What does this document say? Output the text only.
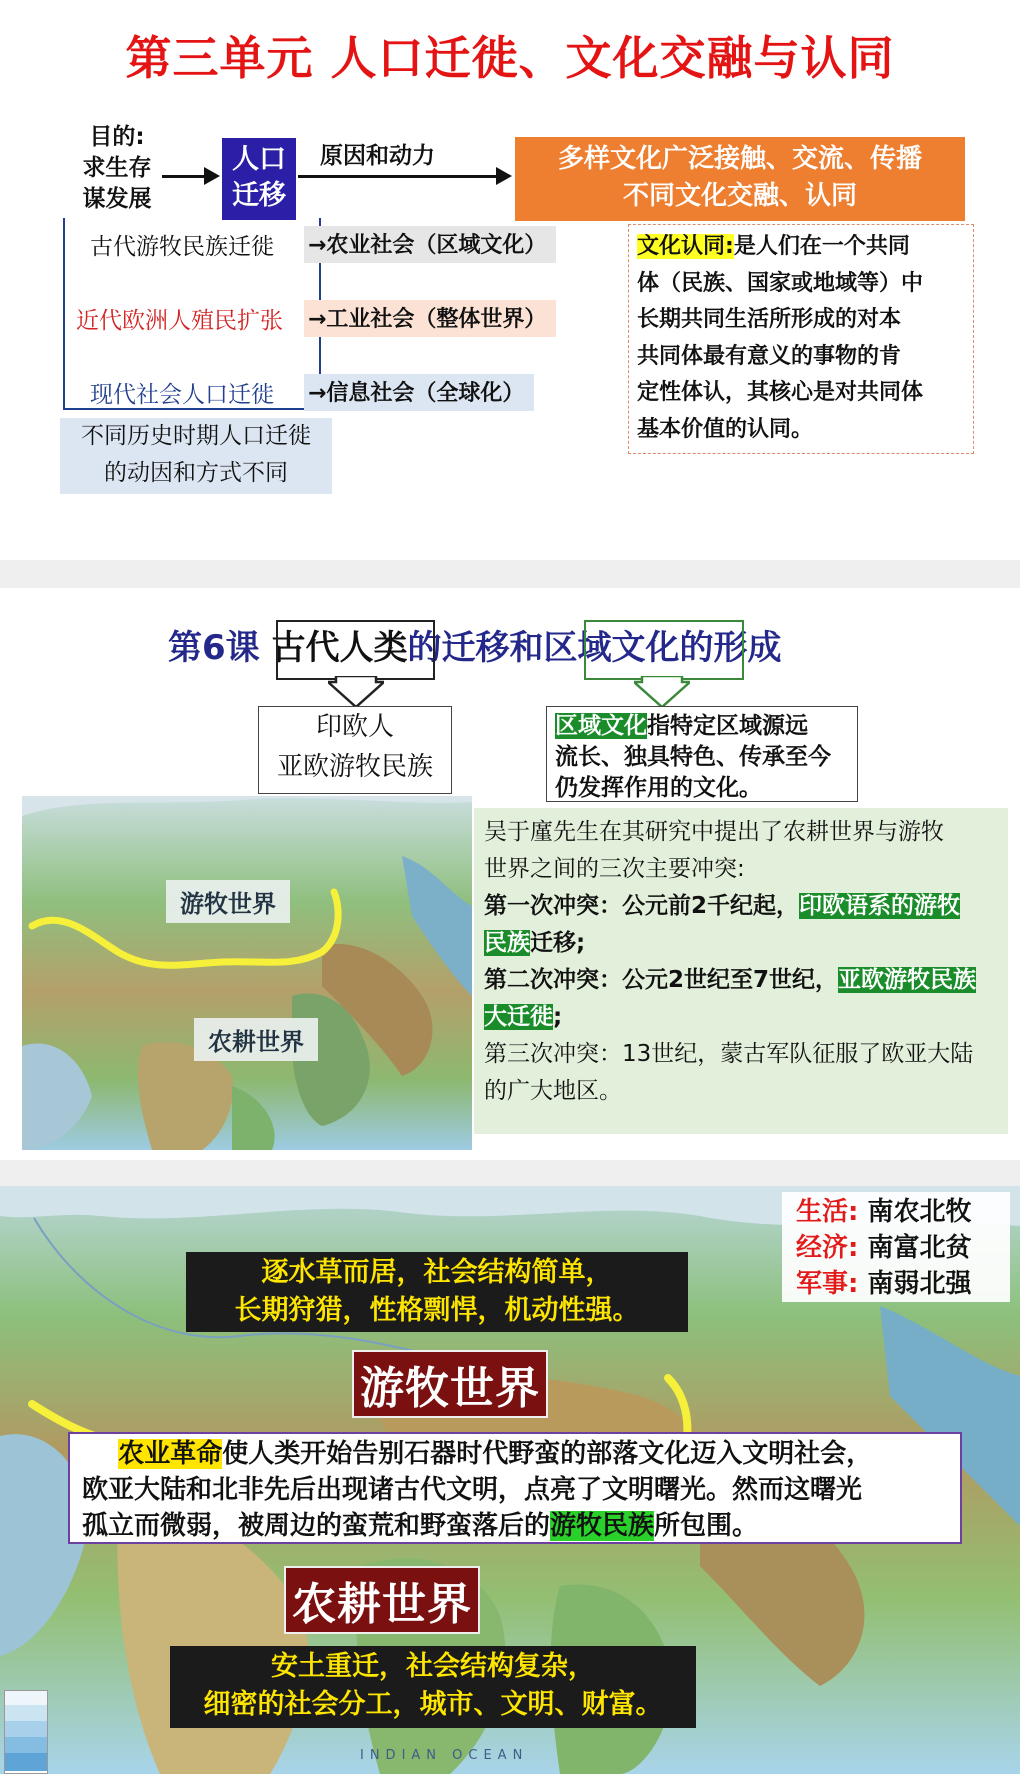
第三单元 人口迁徙、文化交融与认同
目的:
求生存
谋发展
人口
迁移
原因和动力	多样文化广泛接触、交流、传播
不同文化交融、认同
古代游牧民族迁徙 →农业社会（区域文化）
近代欧洲人殖民扩张 →工业社会（整体世界）
现代社会人口迁徙 →信息社会（全球化）
不同历史时期人口迁徙
的动因和方式不同
文化认同:是人们在一个共同
体（民族、国家或地域等）中
长期共同生活所形成的对本
共同体最有意义的事物的肯
定性体认，其核心是对共同体
基本价值的认同。
第6课 古代人类的迁移和区域文化的形成
印欧人
亚欧游牧民族
区域文化指特定区域源远
流长、独具特色、传承至今
仍发挥作用的文化。
游牧世界
农耕世界
吴于廑先生在其研究中提出了农耕世界与游牧
世界之间的三次主要冲突:
第一次冲突：公元前2千纪起，印欧语系的游牧
民族迁移;
第二次冲突：公元2世纪至7世纪，亚欧游牧民族
大迁徙;
第三次冲突：13世纪，蒙古军队征服了欧亚大陆
的广大地区。
INDIAN OCEAN
生活: 南农北牧
经济: 南富北贫
军事: 南弱北强
逐水草而居，社会结构简单，
长期狩猎，性格剽悍，机动性强。
游牧世界
农业革命使人类开始告别石器时代野蛮的部落文化迈入文明社会，
欧亚大陆和北非先后出现诸古代文明，点亮了文明曙光。然而这曙光
孤立而微弱，被周边的蛮荒和野蛮落后的游牧民族所包围。
农耕世界
安土重迁，社会结构复杂，
细密的社会分工，城市、文明、财富。
